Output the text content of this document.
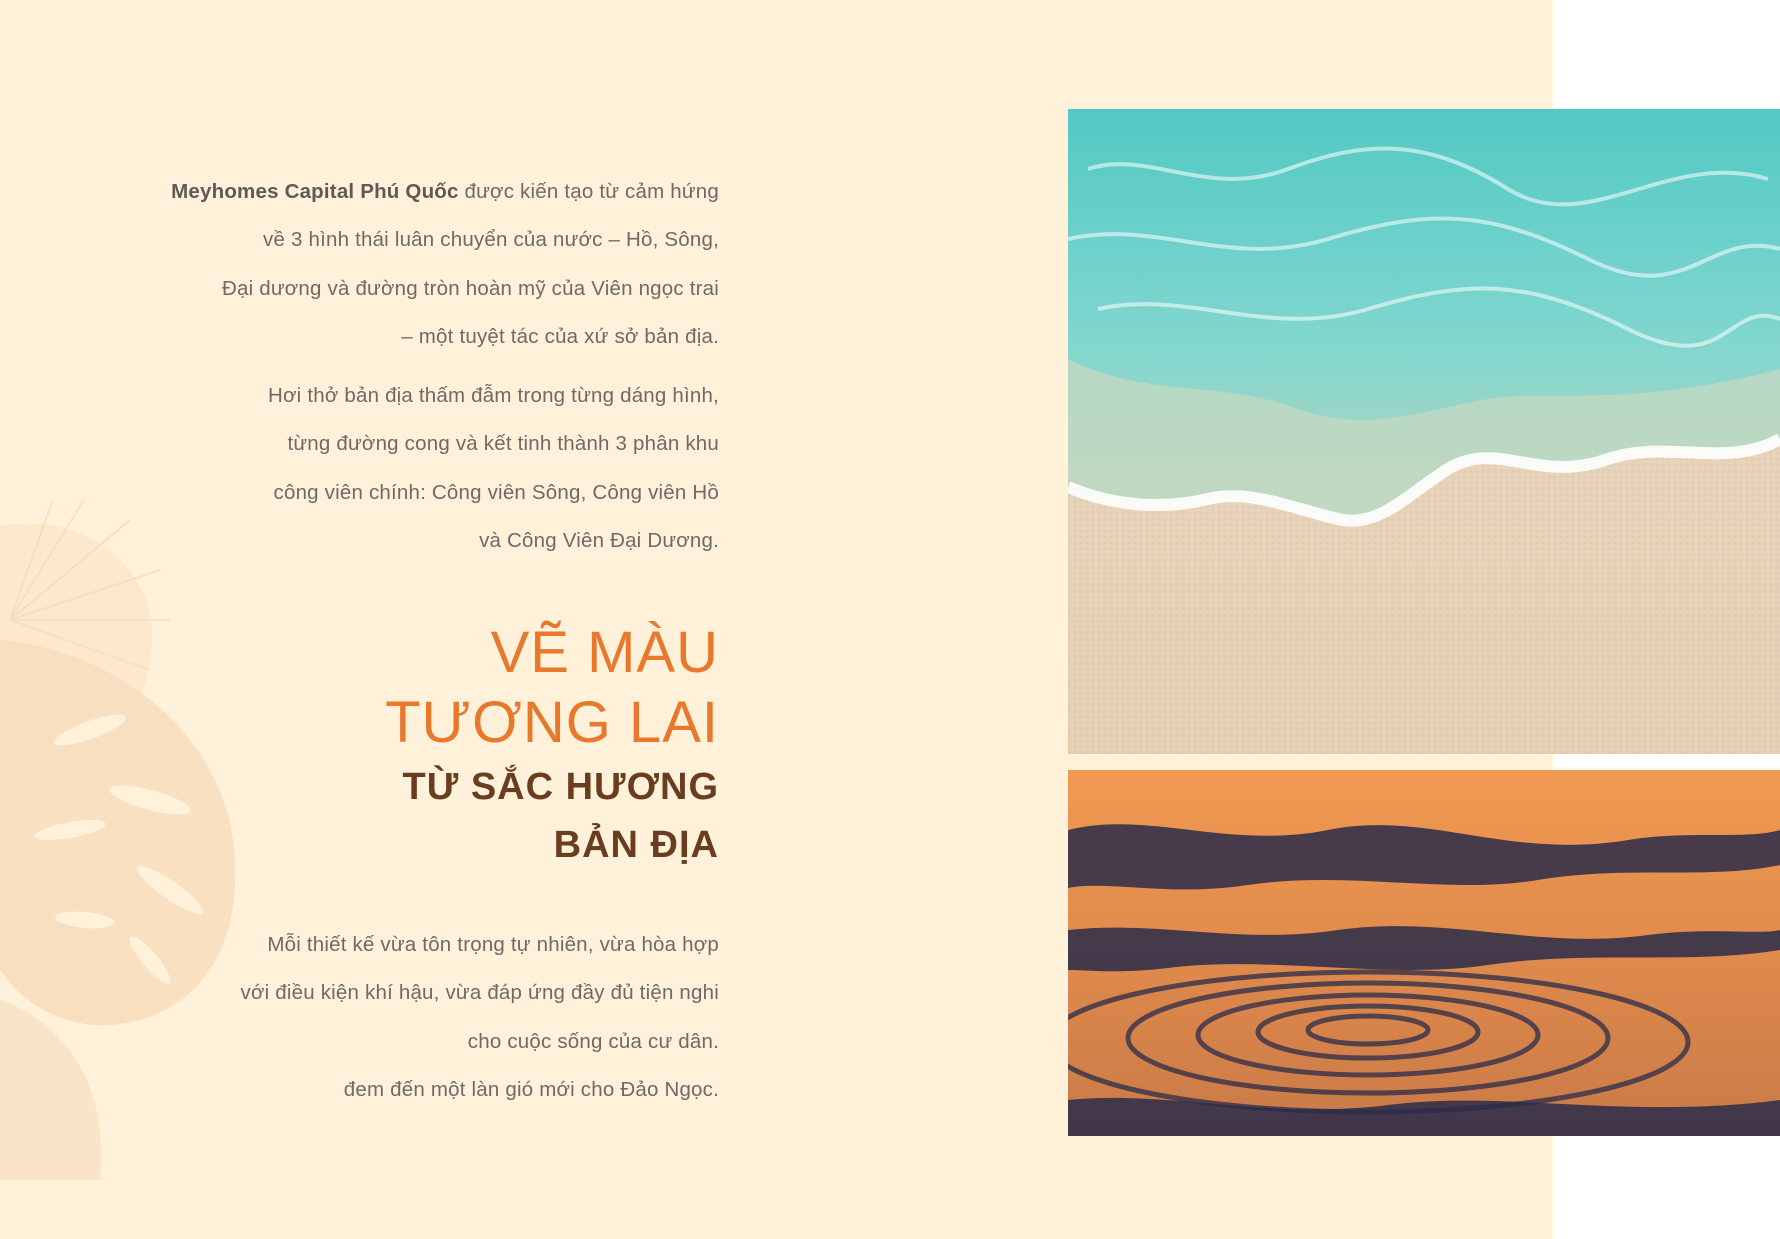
Meyhomes Capital Phú Quốc được kiến tạo từ cảm hứng

về 3 hình thái luân chuyển của nước – Hồ, Sông,

Đại dương và đường tròn hoàn mỹ của Viên ngọc trai

– một tuyệt tác của xứ sở bản địa.

Hơi thở bản địa thấm đẫm trong từng dáng hình,

từng đường cong và kết tinh thành 3 phân khu

công viên chính: Công viên Sông, Công viên Hồ

và Công Viên Đại Dương.

VẼ MÀU
TƯƠNG LAI
TỪ SẮC HƯƠNG
BẢN ĐỊA

Mỗi thiết kế vừa tôn trọng tự nhiên, vừa hòa hợp

với điều kiện khí hậu, vừa đáp ứng đầy đủ tiện nghi

cho cuộc sống của cư dân.

đem đến một làn gió mới cho Đảo Ngọc.
